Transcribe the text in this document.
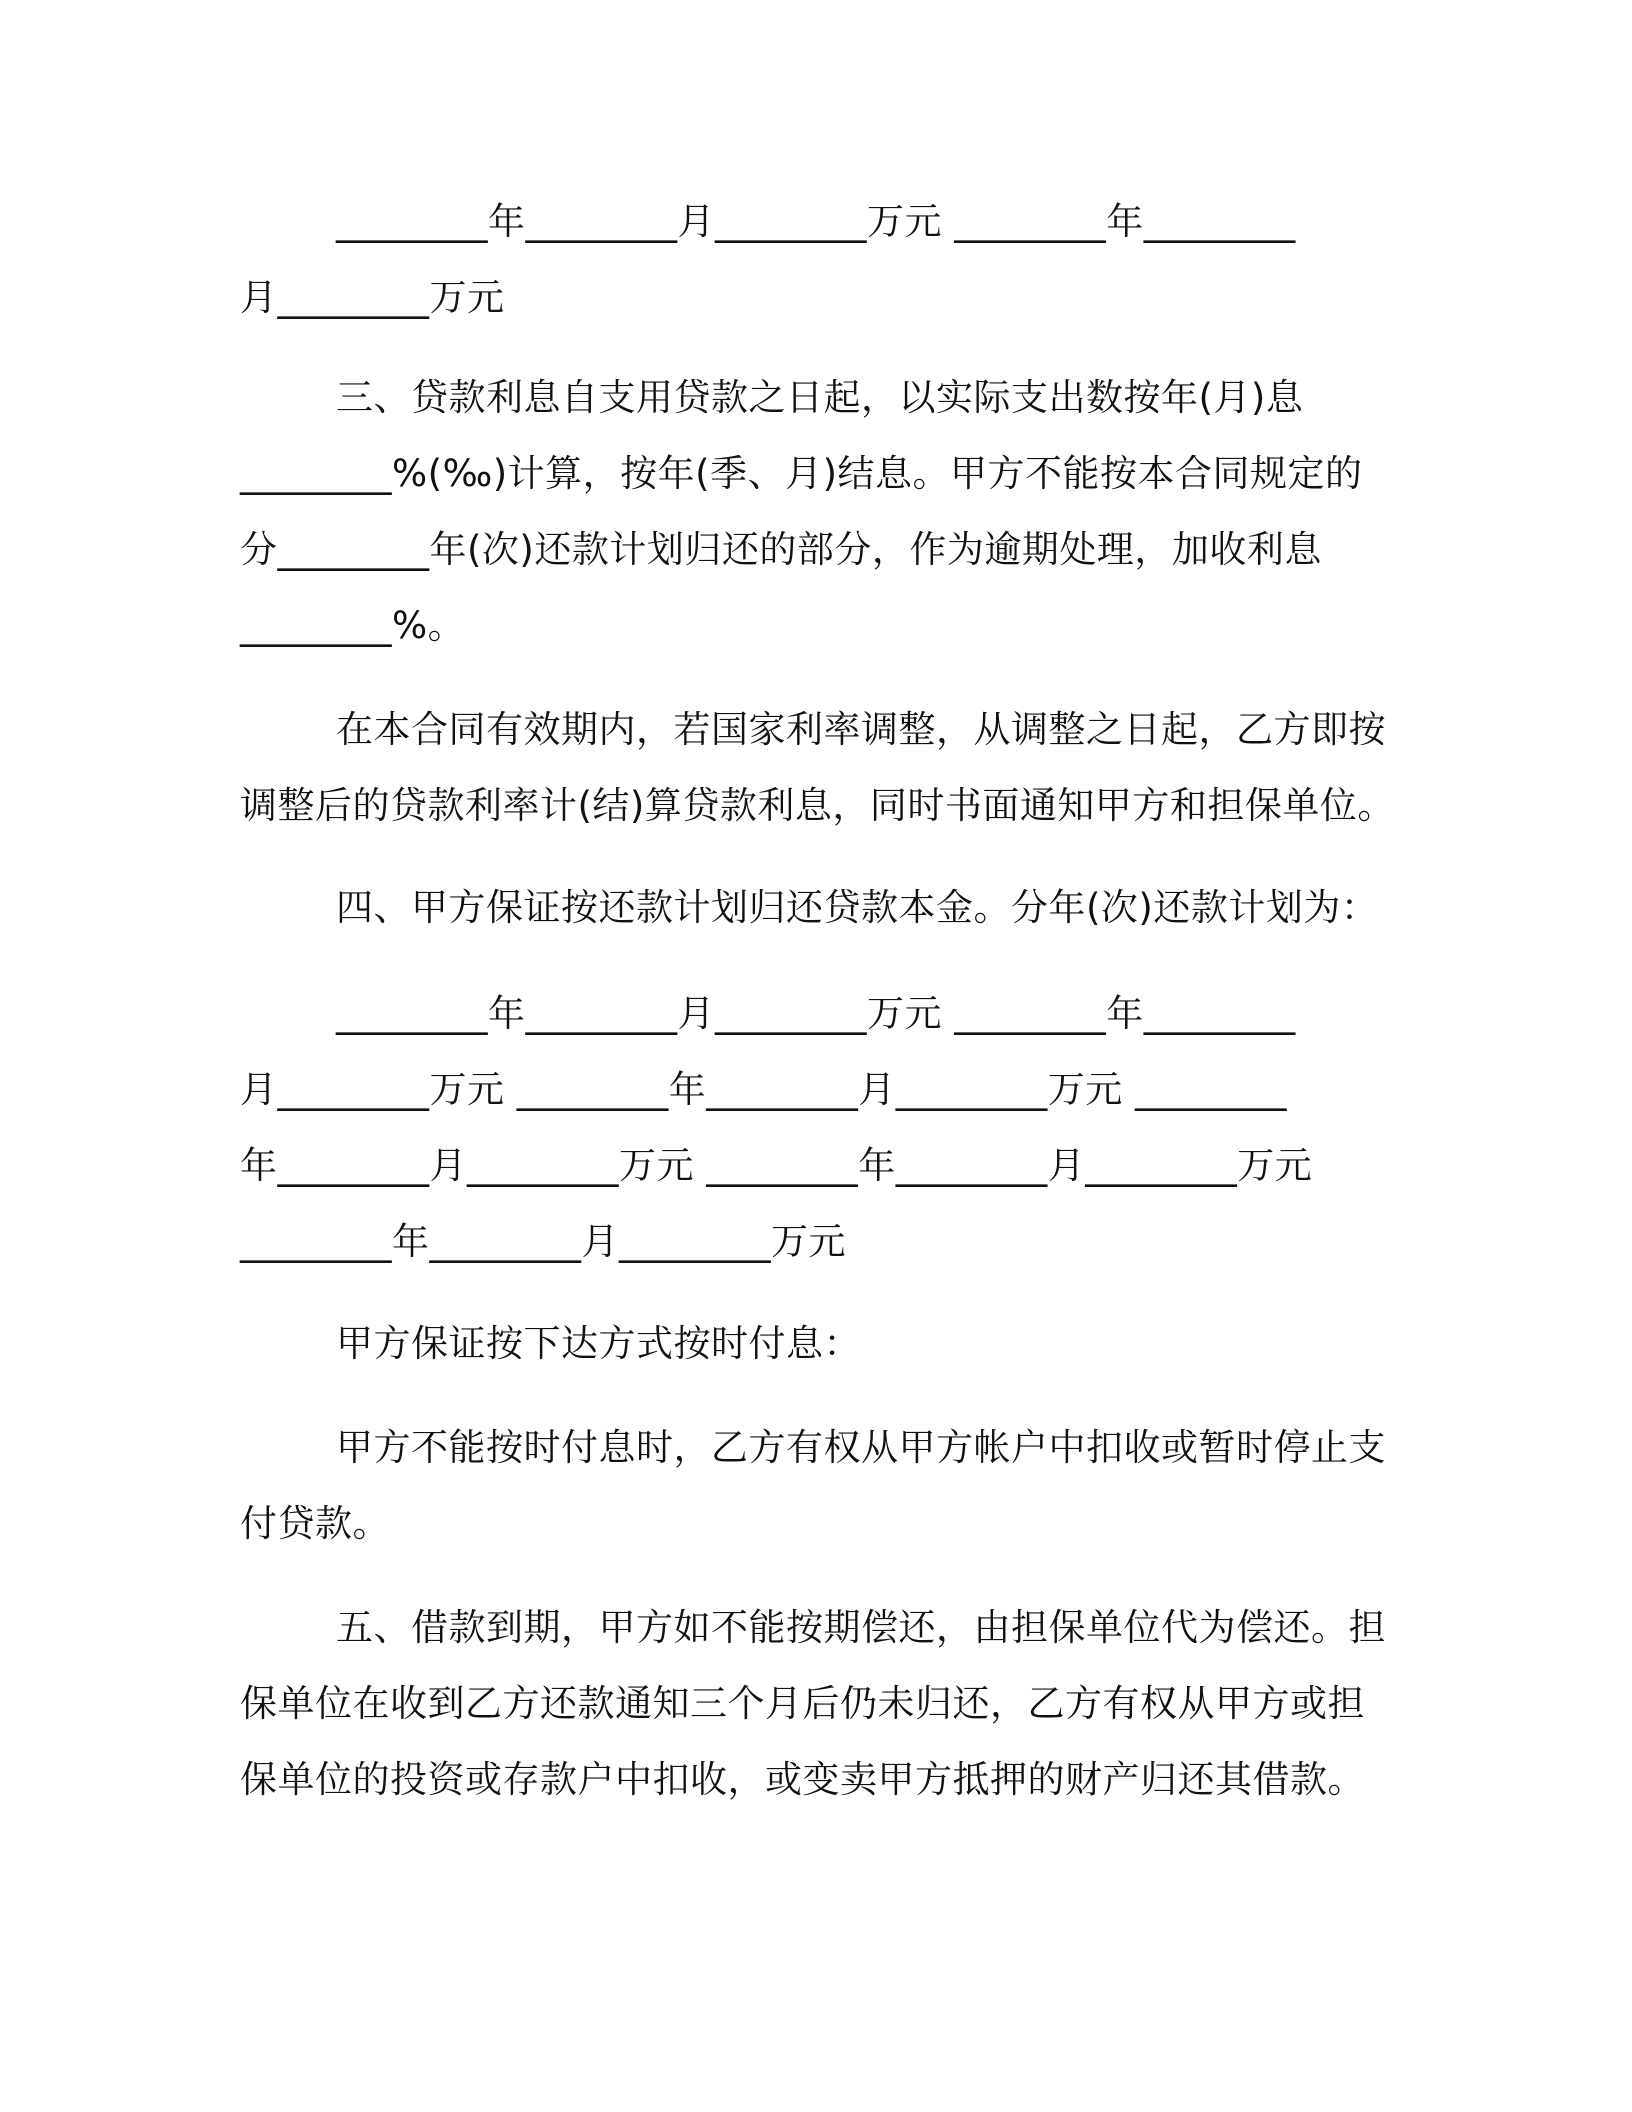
________年________月________万元 ________年________

月________万元

三、贷款利息自支用贷款之日起，以实际支出数按年(月)息

________%(‰)计算，按年(季、月)结息。甲方不能按本合同规定的

分________年(次)还款计划归还的部分，作为逾期处理，加收利息

________%。

在本合同有效期内，若国家利率调整，从调整之日起，乙方即按

调整后的贷款利率计(结)算贷款利息，同时书面通知甲方和担保单位。

四、甲方保证按还款计划归还贷款本金。分年(次)还款计划为：

________年________月________万元 ________年________

月________万元 ________年________月________万元 ________

年________月________万元 ________年________月________万元

________年________月________万元

甲方保证按下达方式按时付息：

甲方不能按时付息时，乙方有权从甲方帐户中扣收或暂时停止支

付贷款。

五、借款到期，甲方如不能按期偿还，由担保单位代为偿还。担

保单位在收到乙方还款通知三个月后仍未归还，乙方有权从甲方或担

保单位的投资或存款户中扣收，或变卖甲方抵押的财产归还其借款。
